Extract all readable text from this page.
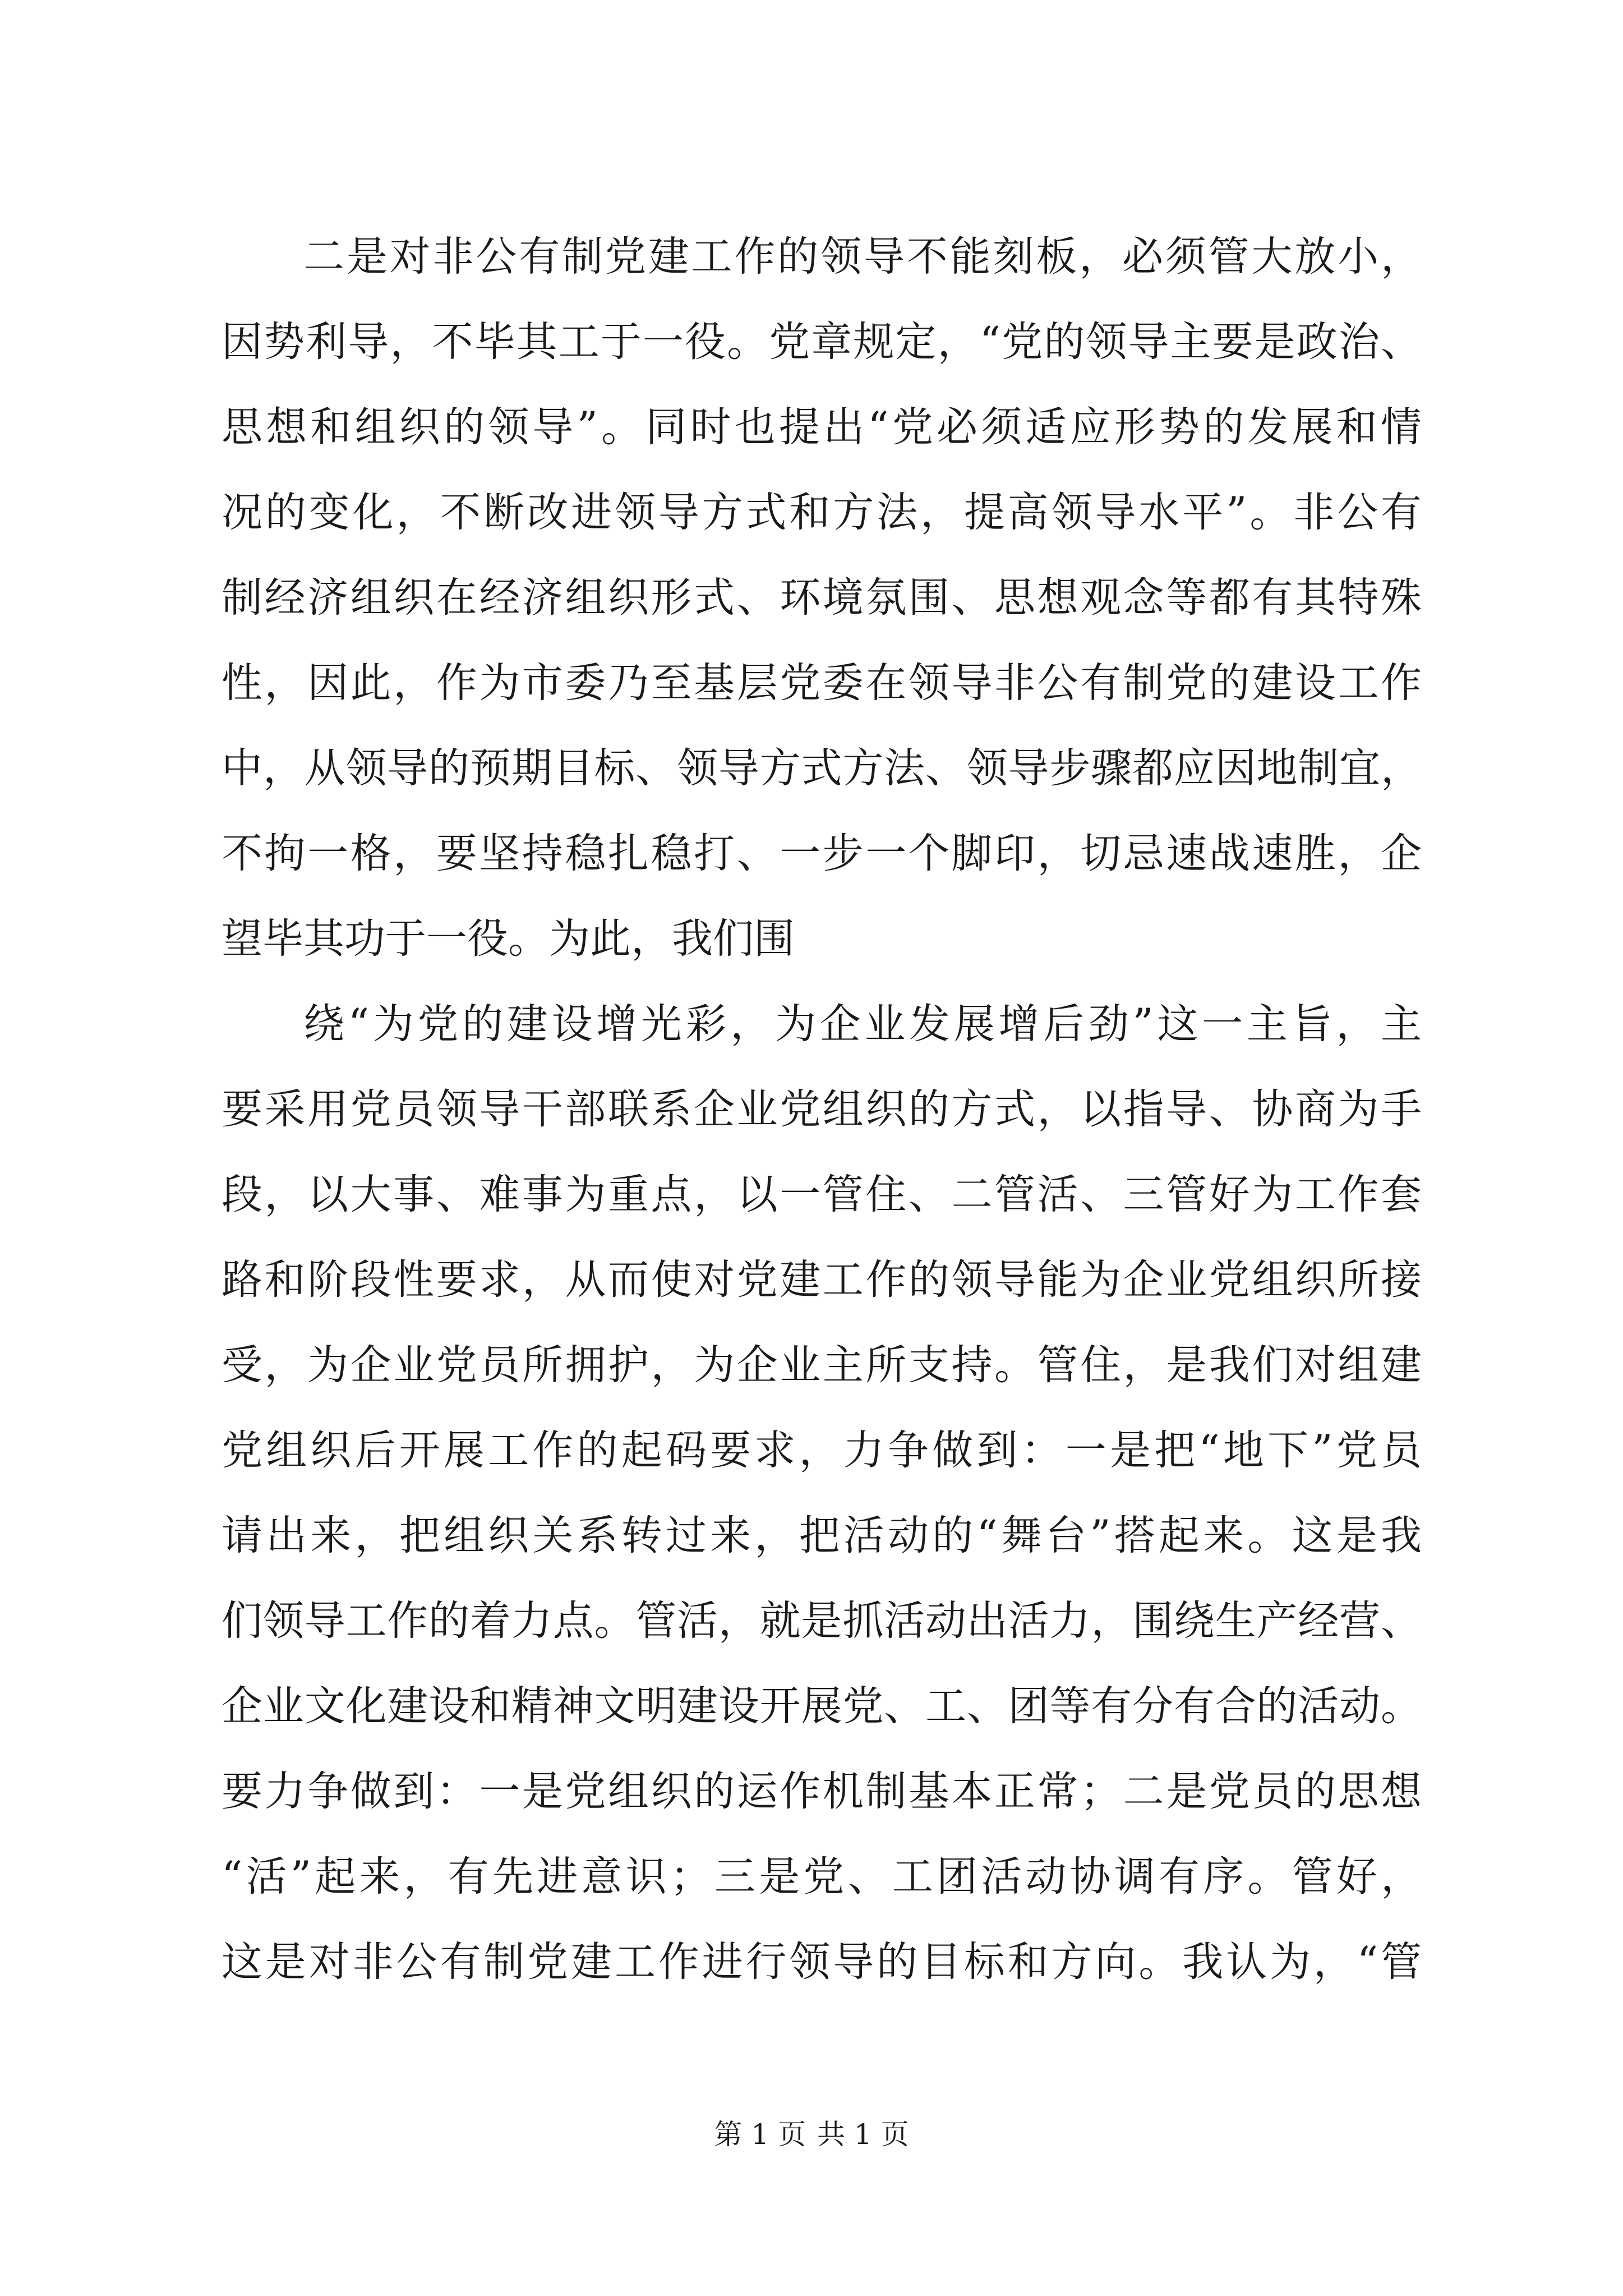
二是对非公有制党建工作的领导不能刻板，必须管大放小，
因势利导，不毕其工于一役。党章规定，“党的领导主要是政治、
思想和组织的领导”。同时也提出“党必须适应形势的发展和情
况的变化，不断改进领导方式和方法，提高领导水平”。非公有
制经济组织在经济组织形式、环境氛围、思想观念等都有其特殊
性，因此，作为市委乃至基层党委在领导非公有制党的建设工作
中，从领导的预期目标、领导方式方法、领导步骤都应因地制宜，
不拘一格，要坚持稳扎稳打、一步一个脚印，切忌速战速胜，企
望毕其功于一役。为此，我们围
绕“为党的建设增光彩，为企业发展增后劲”这一主旨，主
要采用党员领导干部联系企业党组织的方式，以指导、协商为手
段，以大事、难事为重点，以一管住、二管活、三管好为工作套
路和阶段性要求，从而使对党建工作的领导能为企业党组织所接
受，为企业党员所拥护，为企业主所支持。管住，是我们对组建
党组织后开展工作的起码要求，力争做到：一是把“地下”党员
请出来，把组织关系转过来，把活动的“舞台”搭起来。这是我
们领导工作的着力点。管活，就是抓活动出活力，围绕生产经营、
企业文化建设和精神文明建设开展党、工、团等有分有合的活动。
要力争做到：一是党组织的运作机制基本正常；二是党员的思想
“活”起来，有先进意识；三是党、工团活动协调有序。管好，
这是对非公有制党建工作进行领导的目标和方向。我认为，“管
第 1 页 共 1 页
